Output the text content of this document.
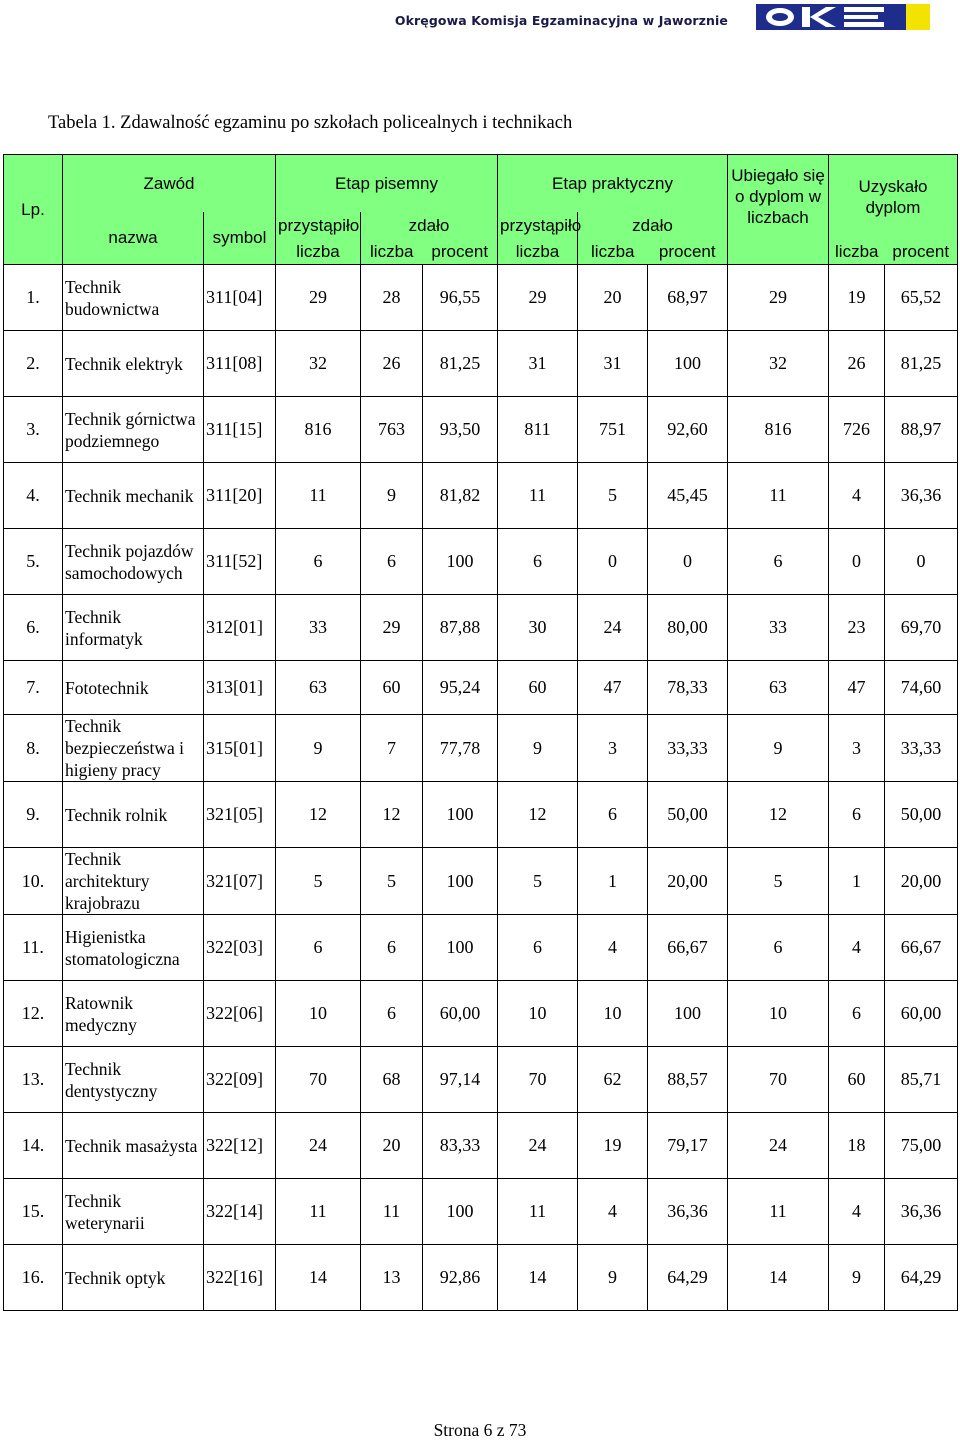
Okręgowa Komisja Egzaminacyjna w Jaworznie
Tabela 1. Zdawalność egzaminu po szkołach policealnych i technikach
Lp.	Zawód		Etap pisemny			Etap praktyczny			Ubiegało się o dyplom w liczbach	Uzyskało dyplom	
	nazwa	symbol	przystąpiło	zdało		przystąpiło	zdało				
			liczba	liczba	procent	liczba	liczba	procent		liczba	procent
1.	Technik budownictwa	311[04]	29	28	96,55	29	20	68,97	29	19	65,52
2.	Technik elektryk	311[08]	32	26	81,25	31	31	100	32	26	81,25
3.	Technik górnictwa podziemnego	311[15]	816	763	93,50	811	751	92,60	816	726	88,97
4.	Technik mechanik	311[20]	11	9	81,82	11	5	45,45	11	4	36,36
5.	Technik pojazdów samochodowych	311[52]	6	6	100	6	0	0	6	0	0
6.	Technik informatyk	312[01]	33	29	87,88	30	24	80,00	33	23	69,70
7.	Fototechnik	313[01]	63	60	95,24	60	47	78,33	63	47	74,60
8.	Technik bezpieczeństwa i higieny pracy	315[01]	9	7	77,78	9	3	33,33	9	3	33,33
9.	Technik rolnik	321[05]	12	12	100	12	6	50,00	12	6	50,00
10.	Technik architektury krajobrazu	321[07]	5	5	100	5	1	20,00	5	1	20,00
11.	Higienistka stomatologiczna	322[03]	6	6	100	6	4	66,67	6	4	66,67
12.	Ratownik medyczny	322[06]	10	6	60,00	10	10	100	10	6	60,00
13.	Technik dentystyczny	322[09]	70	68	97,14	70	62	88,57	70	60	85,71
14.	Technik masażysta	322[12]	24	20	83,33	24	19	79,17	24	18	75,00
15.	Technik weterynarii	322[14]	11	11	100	11	4	36,36	11	4	36,36
16.	Technik optyk	322[16]	14	13	92,86	14	9	64,29	14	9	64,29
Strona 6 z 73
